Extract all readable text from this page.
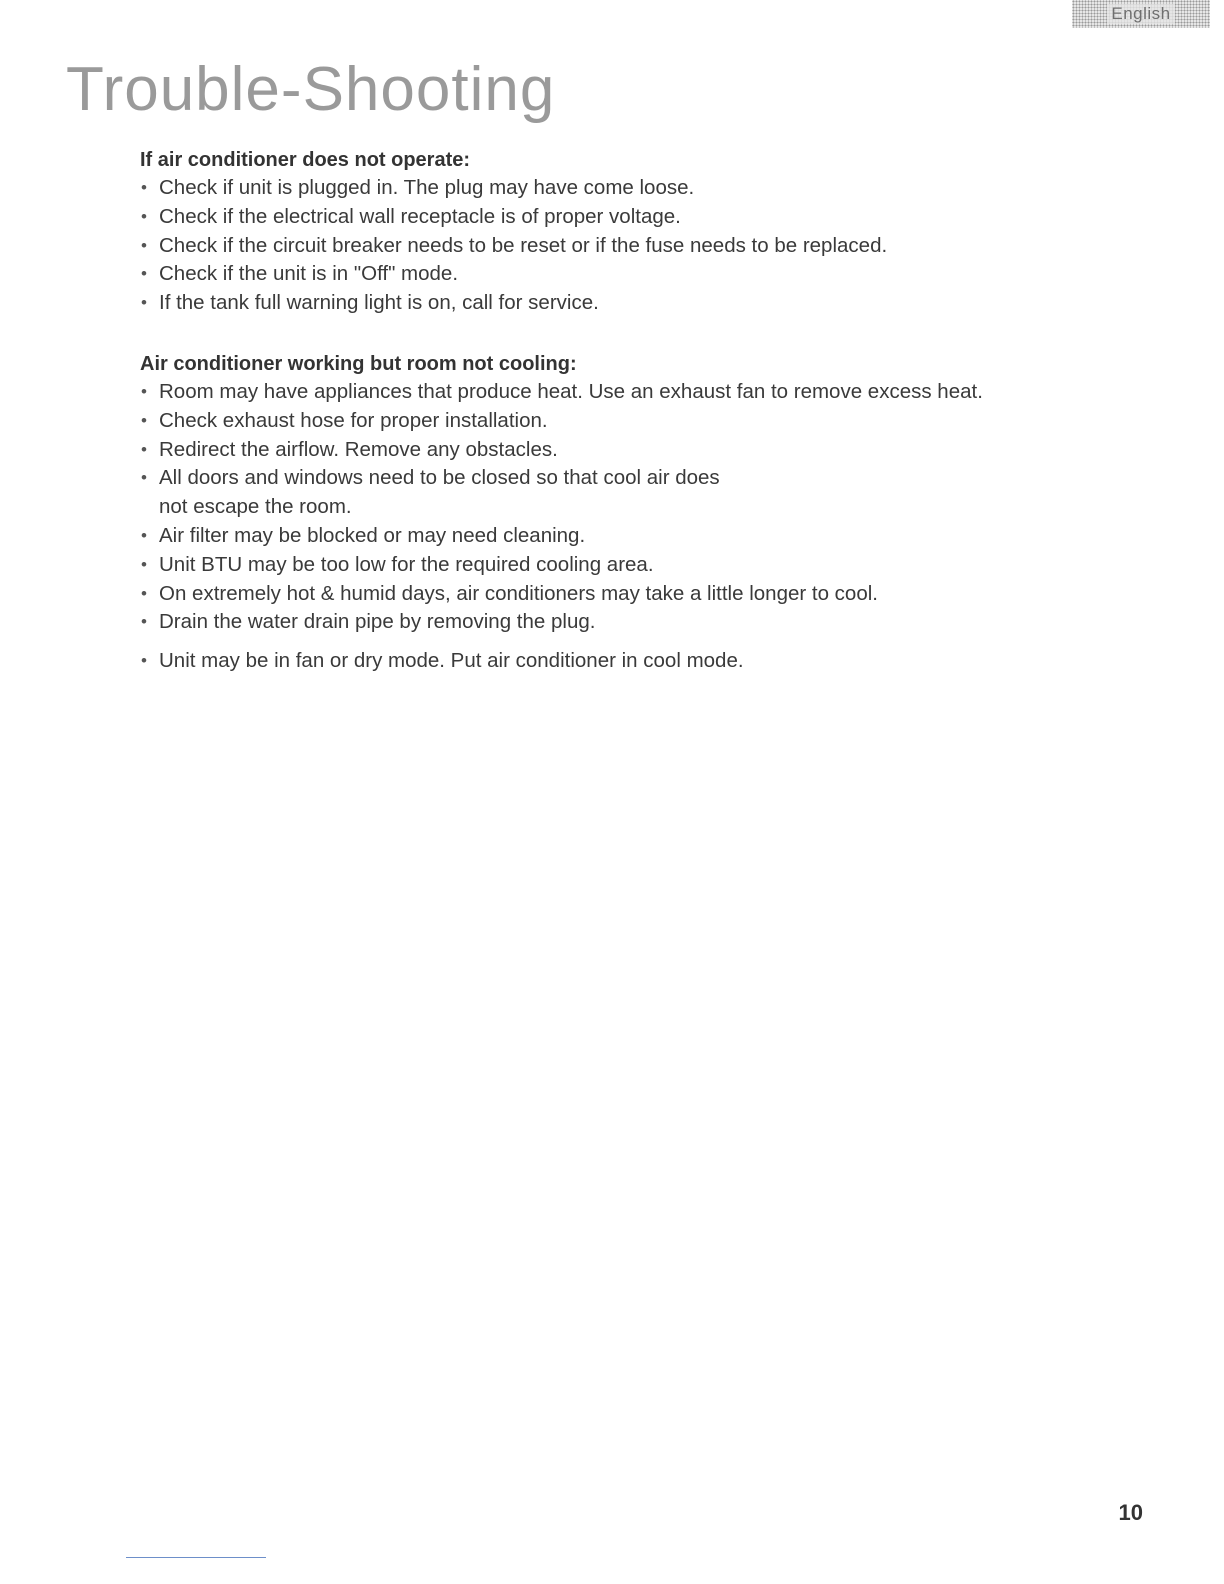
English
Trouble-Shooting
If air conditioner does not operate:
• Check if unit is plugged in. The plug may have come loose.
• Check if the electrical wall receptacle is of proper voltage.
• Check if the circuit breaker needs to be reset or if the fuse needs to be replaced.
• Check if the unit is in "Off" mode.
• If the tank full warning light is on, call for service.
Air conditioner working but room not cooling:
• Room may have appliances that produce heat. Use an exhaust fan to remove excess heat.
• Check exhaust hose for proper installation.
• Redirect the airflow. Remove any obstacles.
• All doors and windows need to be closed so that cool air does
not escape the room.
• Air filter may be blocked or may need cleaning.
• Unit BTU may be too low for the required cooling area.
• On extremely hot & humid days, air conditioners may take a little longer to cool.
• Drain the water drain pipe by removing the plug.
• Unit may be in fan or dry mode. Put air conditioner in cool mode.
10
